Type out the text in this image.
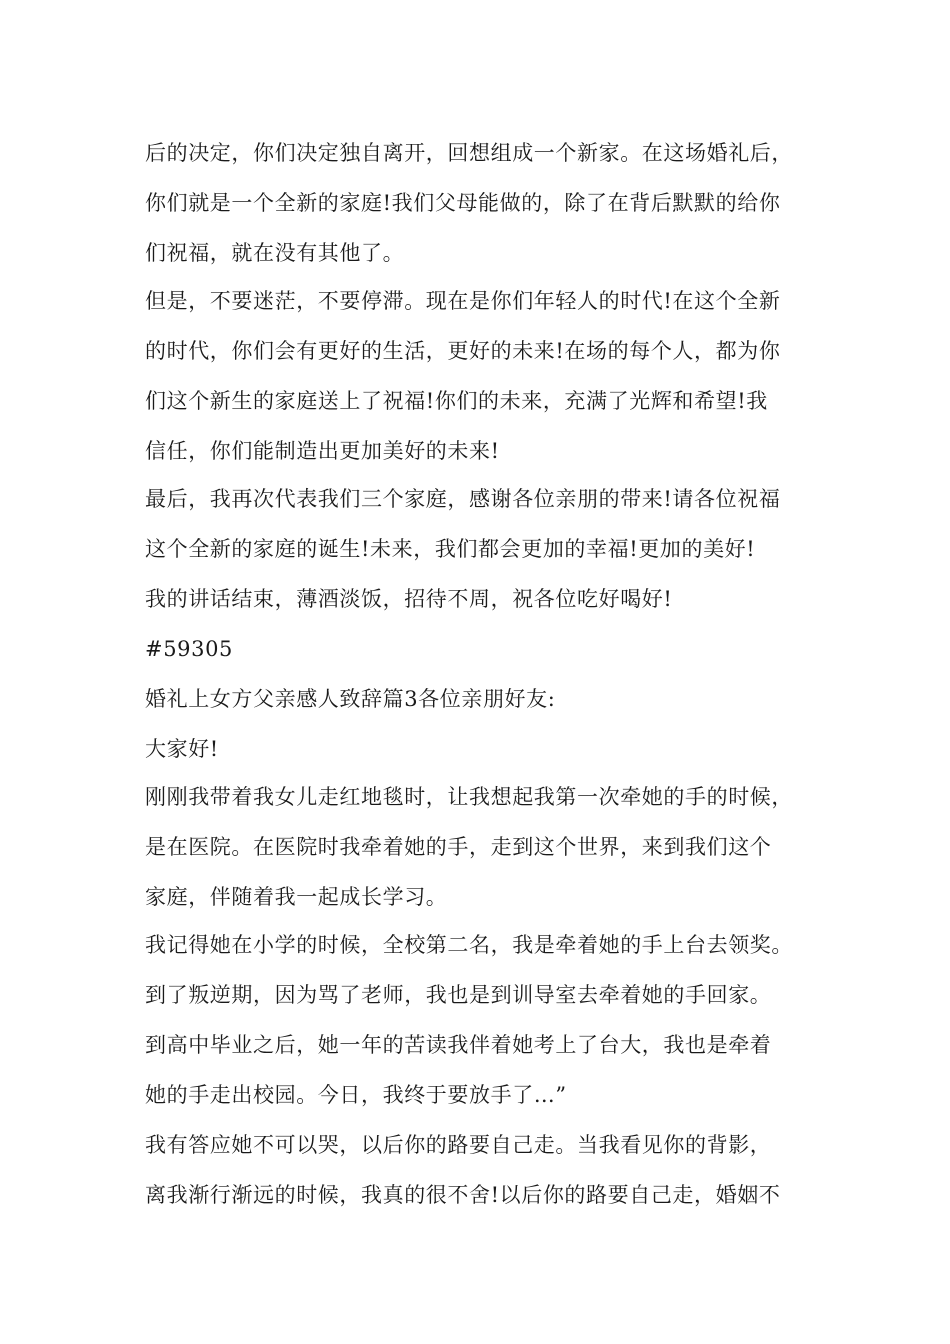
后的决定，你们决定独自离开，回想组成一个新家。在这场婚礼后，

你们就是一个全新的家庭!我们父母能做的，除了在背后默默的给你

们祝福，就在没有其他了。

但是，不要迷茫，不要停滞。现在是你们年轻人的时代!在这个全新

的时代，你们会有更好的生活，更好的未来!在场的每个人，都为你

们这个新生的家庭送上了祝福!你们的未来，充满了光辉和希望!我

信任，你们能制造出更加美好的未来!

最后，我再次代表我们三个家庭，感谢各位亲朋的带来!请各位祝福

这个全新的家庭的诞生!未来，我们都会更加的幸福!更加的美好!

我的讲话结束，薄酒淡饭，招待不周，祝各位吃好喝好!

#59305

婚礼上女方父亲感人致辞篇3各位亲朋好友:

大家好!

刚刚我带着我女儿走红地毯时，让我想起我第一次牵她的手的时候，

是在医院。在医院时我牵着她的手，走到这个世界，来到我们这个

家庭，伴随着我一起成长学习。

我记得她在小学的时候，全校第二名，我是牵着她的手上台去领奖。

到了叛逆期，因为骂了老师，我也是到训导室去牵着她的手回家。

到高中毕业之后，她一年的苦读我伴着她考上了台大，我也是牵着

她的手走出校园。今日，我终于要放手了…”

我有答应她不可以哭，以后你的路要自己走。当我看见你的背影，

离我渐行渐远的时候，我真的很不舍!以后你的路要自己走，婚姻不
